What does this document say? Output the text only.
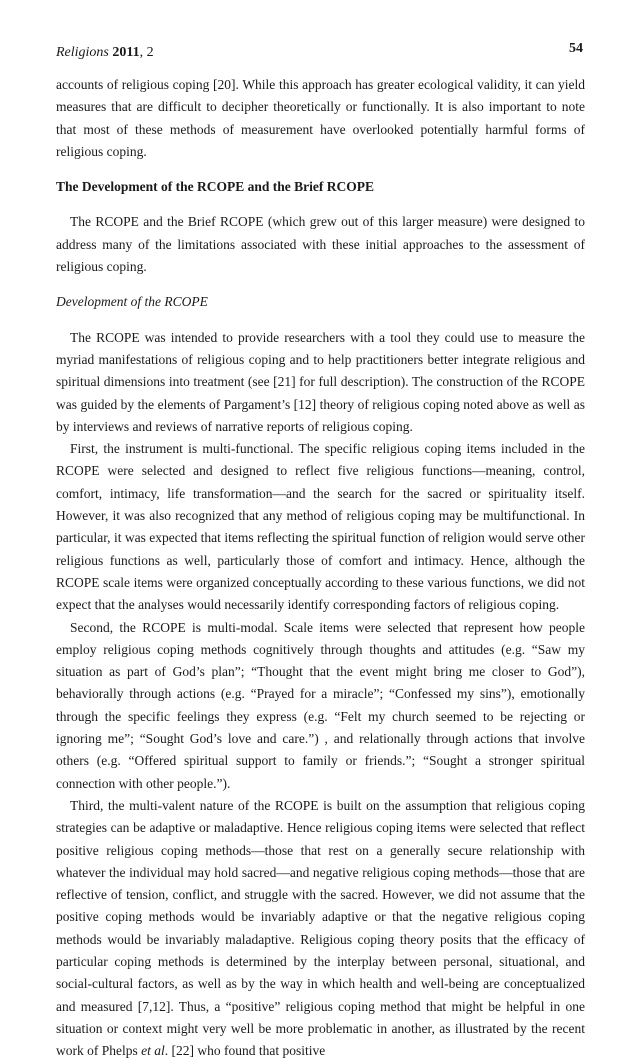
Religions 2011, 2	54

accounts of religious coping [20]. While this approach has greater ecological validity, it can yield measures that are difficult to decipher theoretically or functionally. It is also important to note that most of these methods of measurement have overlooked potentially harmful forms of religious coping.

The Development of the RCOPE and the Brief RCOPE

The RCOPE and the Brief RCOPE (which grew out of this larger measure) were designed to address many of the limitations associated with these initial approaches to the assessment of religious coping.

Development of the RCOPE

The RCOPE was intended to provide researchers with a tool they could use to measure the myriad manifestations of religious coping and to help practitioners better integrate religious and spiritual dimensions into treatment (see [21] for full description). The construction of the RCOPE was guided by the elements of Pargament’s [12] theory of religious coping noted above as well as by interviews and reviews of narrative reports of religious coping.

First, the instrument is multi-functional. The specific religious coping items included in the RCOPE were selected and designed to reflect five religious functions—meaning, control, comfort, intimacy, life transformation—and the search for the sacred or spirituality itself. However, it was also recognized that any method of religious coping may be multifunctional. In particular, it was expected that items reflecting the spiritual function of religion would serve other religious functions as well, particularly those of comfort and intimacy. Hence, although the RCOPE scale items were organized conceptually according to these various functions, we did not expect that the analyses would necessarily identify corresponding factors of religious coping.

Second, the RCOPE is multi-modal. Scale items were selected that represent how people employ religious coping methods cognitively through thoughts and attitudes (e.g. “Saw my situation as part of God’s plan”; “Thought that the event might bring me closer to God”), behaviorally through actions (e.g. “Prayed for a miracle”; “Confessed my sins”), emotionally through the specific feelings they express (e.g. “Felt my church seemed to be rejecting or ignoring me”; “Sought God’s love and care.”) , and relationally through actions that involve others (e.g. “Offered spiritual support to family or friends.”; “Sought a stronger spiritual connection with other people.”).

Third, the multi-valent nature of the RCOPE is built on the assumption that religious coping strategies can be adaptive or maladaptive. Hence religious coping items were selected that reflect positive religious coping methods—those that rest on a generally secure relationship with whatever the individual may hold sacred—and negative religious coping methods—those that are reflective of tension, conflict, and struggle with the sacred. However, we did not assume that the positive coping methods would be invariably adaptive or that the negative religious coping methods would be invariably maladaptive. Religious coping theory posits that the efficacy of particular coping methods is determined by the interplay between personal, situational, and social-cultural factors, as well as by the way in which health and well-being are conceptualized and measured [7,12]. Thus, a “positive” religious coping method that might be helpful in one situation or context might very well be more problematic in another, as illustrated by the recent work of Phelps et al. [22] who found that positive
